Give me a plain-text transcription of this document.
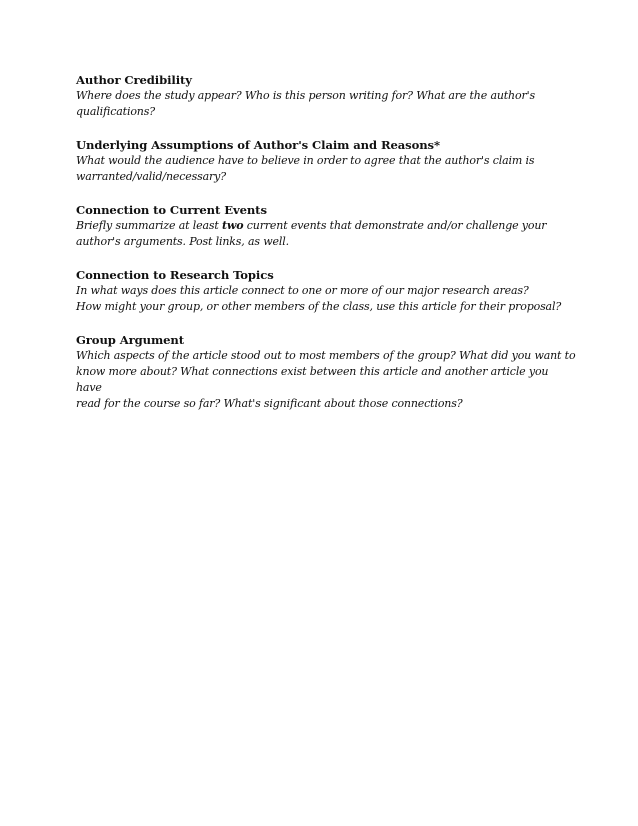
Author Credibility

Where does the study appear? Who is this person writing for? What are the author's

qualifications?

Underlying Assumptions of Author's Claim and Reasons*

What would the audience have to believe in order to agree that the author's claim is

warranted/valid/necessary?

Connection to Current Events

Briefly summarize at least two current events that demonstrate and/or challenge your

author's arguments. Post links, as well.

Connection to Research Topics

In what ways does this article connect to one or more of our major research areas?

How might your group, or other members of the class, use this article for their proposal?

Group Argument

Which aspects of the article stood out to most members of the group? What did you want to

know more about? What connections exist between this article and another article you have

read for the course so far? What's significant about those connections?
